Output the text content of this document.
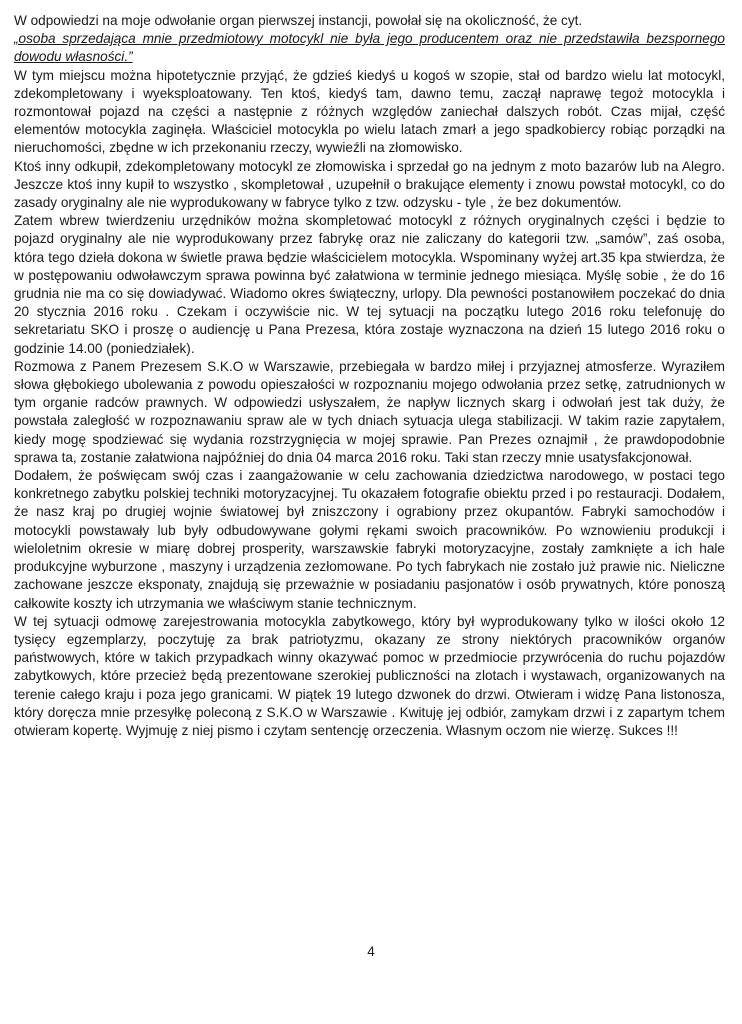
W odpowiedzi na moje odwołanie organ pierwszej instancji, powołał się na okoliczność, że cyt.

„osoba sprzedająca mnie przedmiotowy motocykl nie była jego producentem oraz nie przedstawiła bezspornego dowodu własności.”

W tym miejscu można hipotetycznie przyjąć, że gdzieś kiedyś u kogoś w szopie, stał od bardzo wielu lat motocykl, zdekompletowany i wyeksploatowany. Ten ktoś, kiedyś tam, dawno temu, zaczął naprawę tegoż motocykla i rozmontował pojazd na części a następnie z różnych względów zaniechał dalszych robót. Czas mijał, część elementów motocykla zaginęła. Właściciel motocykla po wielu latach zmarł a jego spadkobiercy robiąc porządki na nieruchomości, zbędne w ich przekonaniu rzeczy, wywieźli na złomowisko.

Ktoś inny odkupił, zdekompletowany motocykl ze złomowiska i sprzedał go na jednym z moto bazarów lub na Alegro. Jeszcze ktoś inny kupił to wszystko , skompletował , uzupełnił o brakujące elementy i znowu powstał motocykl, co do zasady oryginalny ale nie wyprodukowany w fabryce tylko z tzw. odzysku - tyle , że bez dokumentów.

Zatem wbrew twierdzeniu urzędników można skompletować motocykl z różnych oryginalnych części i będzie to pojazd oryginalny ale nie wyprodukowany przez fabrykę oraz nie zaliczany do kategorii tzw. „samów”, zaś osoba, która tego dzieła dokona w świetle prawa będzie właścicielem motocykla. Wspominany wyżej art.35 kpa stwierdza, że w postępowaniu odwoławczym sprawa powinna być załatwiona w terminie jednego miesiąca. Myślę sobie , że do 16 grudnia nie ma co się dowiadywać. Wiadomo okres świąteczny, urlopy. Dla pewności postanowiłem poczekać do dnia 20 stycznia 2016 roku . Czekam i oczywiście nic. W tej sytuacji na początku lutego 2016 roku telefonuję do sekretariatu SKO i proszę o audiencję u Pana Prezesa, która zostaje wyznaczona na dzień 15 lutego 2016 roku o godzinie 14.00 (poniedziałek).

Rozmowa z Panem Prezesem S.K.O w Warszawie, przebiegała w bardzo miłej i przyjaznej atmosferze. Wyraziłem słowa głębokiego ubolewania z powodu opieszałości w rozpoznaniu mojego odwołania przez setkę, zatrudnionych w tym organie radców prawnych. W odpowiedzi usłyszałem, że napływ licznych skarg i odwołań jest tak duży, że powstała zaległość w rozpoznawaniu spraw ale w tych dniach sytuacja ulega stabilizacji. W takim razie zapytałem, kiedy mogę spodziewać się wydania rozstrzygnięcia w mojej sprawie. Pan Prezes oznajmił , że prawdopodobnie sprawa ta, zostanie załatwiona najpóźniej do dnia 04 marca 2016 roku. Taki stan rzeczy mnie usatysfakcjonował.

Dodałem, że poświęcam swój czas i zaangażowanie w celu zachowania dziedzictwa narodowego, w postaci tego konkretnego zabytku polskiej techniki motoryzacyjnej. Tu okazałem fotografie obiektu przed i po restauracji. Dodałem, że nasz kraj po drugiej wojnie światowej był zniszczony i ograbiony przez okupantów. Fabryki samochodów i motocykli powstawały lub były odbudowywane gołymi rękami swoich pracowników. Po wznowieniu produkcji i wieloletnim okresie w miarę dobrej prosperity, warszawskie fabryki motoryzacyjne, zostały zamknięte a ich hale produkcyjne wyburzone , maszyny i urządzenia zezłomowane. Po tych fabrykach nie zostało już prawie nic. Nieliczne zachowane jeszcze eksponaty, znajdują się przeważnie w posiadaniu pasjonatów i osób prywatnych, które ponoszą całkowite koszty ich utrzymania we właściwym stanie technicznym.

W tej sytuacji odmowę zarejestrowania motocykla zabytkowego, który był wyprodukowany tylko w ilości około 12 tysięcy egzemplarzy, poczytuję za brak patriotyzmu, okazany ze strony niektórych pracowników organów państwowych, które w takich przypadkach winny okazywać pomoc w przedmiocie przywrócenia do ruchu pojazdów zabytkowych, które przecież będą prezentowane szerokiej publiczności na zlotach i wystawach, organizowanych na terenie całego kraju i poza jego granicami. W piątek 19 lutego dzwonek do drzwi. Otwieram i widzę Pana listonosza, który doręcza mnie przesyłkę poleconą z S.K.O w Warszawie . Kwituję jej odbiór, zamykam drzwi i z zapartym tchem otwieram kopertę. Wyjmuję z niej pismo i czytam sentencję orzeczenia. Własnym oczom nie wierzę. Sukces !!!

4
